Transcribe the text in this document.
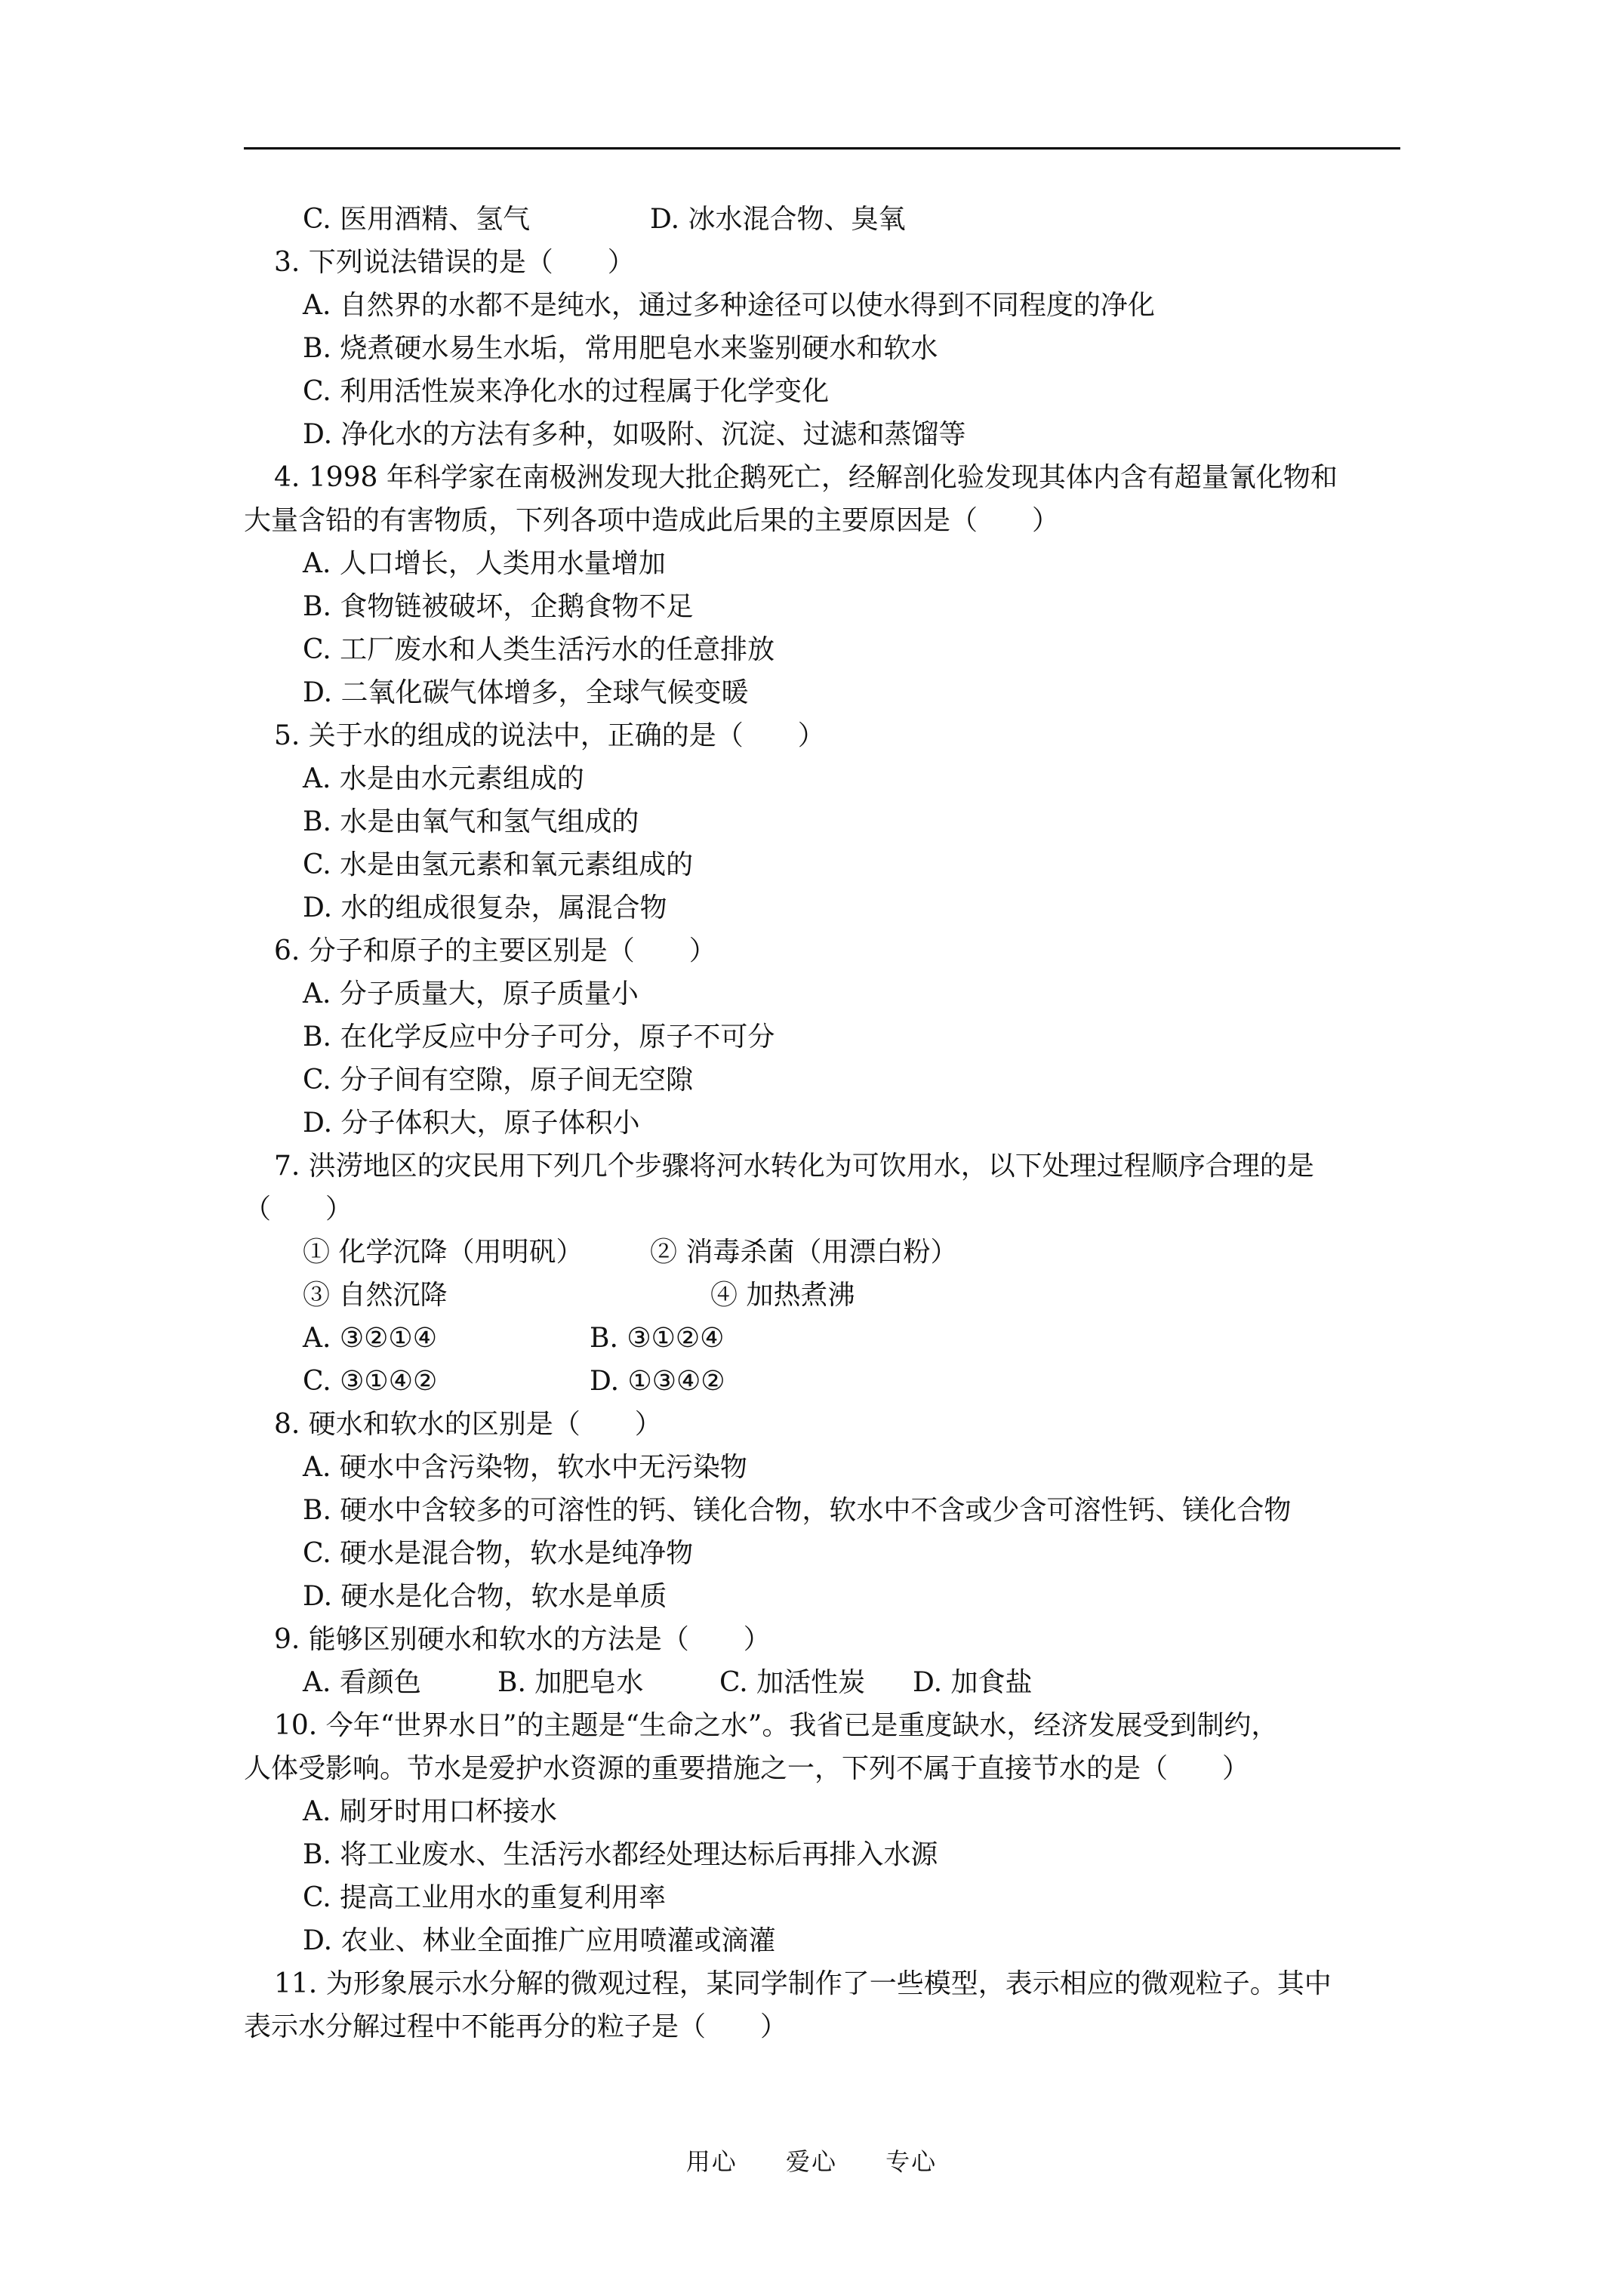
C. 医用酒精、氢气	D. 冰水混合物、臭氧
3. 下列说法错误的是（　　）
A. 自然界的水都不是纯水，通过多种途径可以使水得到不同程度的净化
B. 烧煮硬水易生水垢，常用肥皂水来鉴别硬水和软水
C. 利用活性炭来净化水的过程属于化学变化
D. 净化水的方法有多种，如吸附、沉淀、过滤和蒸馏等
4. 1998 年科学家在南极洲发现大批企鹅死亡，经解剖化验发现其体内含有超量氰化物和
大量含铅的有害物质，下列各项中造成此后果的主要原因是（　　）
A. 人口增长，人类用水量增加
B. 食物链被破坏，企鹅食物不足
C. 工厂废水和人类生活污水的任意排放
D. 二氧化碳气体增多，全球气候变暖
5. 关于水的组成的说法中，正确的是（　　）
A. 水是由水元素组成的
B. 水是由氧气和氢气组成的
C. 水是由氢元素和氧元素组成的
D. 水的组成很复杂，属混合物
6. 分子和原子的主要区别是（　　）
A. 分子质量大，原子质量小
B. 在化学反应中分子可分，原子不可分
C. 分子间有空隙，原子间无空隙
D. 分子体积大，原子体积小
7. 洪涝地区的灾民用下列几个步骤将河水转化为可饮用水，以下处理过程顺序合理的是
（　　）
① 化学沉降（用明矾）	② 消毒杀菌（用漂白粉）
③ 自然沉降	④ 加热煮沸
A. ③②①④	B. ③①②④
C. ③①④②	D. ①③④②
8. 硬水和软水的区别是（　　）
A. 硬水中含污染物，软水中无污染物
B. 硬水中含较多的可溶性的钙、镁化合物，软水中不含或少含可溶性钙、镁化合物
C. 硬水是混合物，软水是纯净物
D. 硬水是化合物，软水是单质
9. 能够区别硬水和软水的方法是（　　）
A. 看颜色	B. 加肥皂水	C. 加活性炭	D. 加食盐
10. 今年“世界水日”的主题是“生命之水”。我省已是重度缺水，经济发展受到制约，
人体受影响。节水是爱护水资源的重要措施之一，下列不属于直接节水的是（　　）
A. 刷牙时用口杯接水
B. 将工业废水、生活污水都经处理达标后再排入水源
C. 提高工业用水的重复利用率
D. 农业、林业全面推广应用喷灌或滴灌
11. 为形象展示水分解的微观过程，某同学制作了一些模型，表示相应的微观粒子。其中
表示水分解过程中不能再分的粒子是（　　）
用心 爱心 专心
